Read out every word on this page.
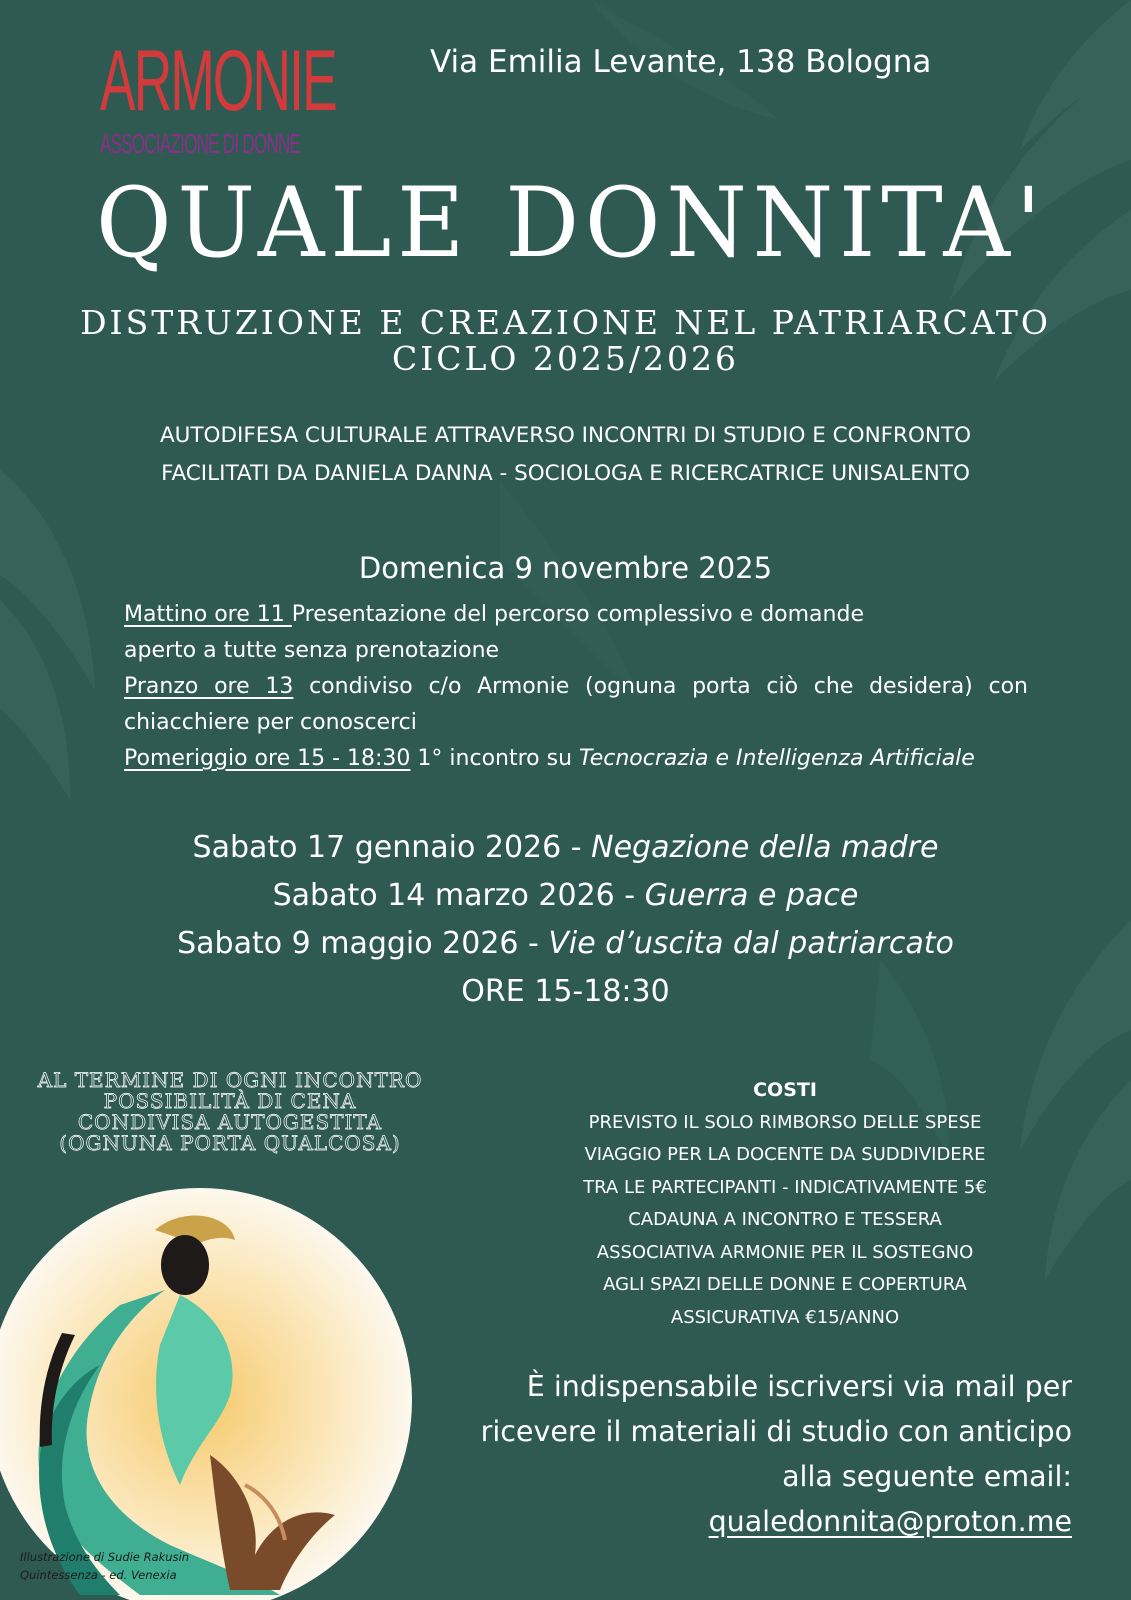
ARMONIE
ASSOCIAZIONE DI DONNE
Via Emilia Levante, 138 Bologna
QUALE DONNITA'
DISTRUZIONE E CREAZIONE NEL PATRIARCATO
CICLO 2025/2026
AUTODIFESA CULTURALE ATTRAVERSO INCONTRI DI STUDIO E CONFRONTO
FACILITATI DA DANIELA DANNA - SOCIOLOGA E RICERCATRICE UNISALENTO
Domenica 9 novembre 2025

Mattino ore 11 Presentazione del percorso complessivo e domande

aperto a tutte senza prenotazione

Pranzo ore 13 condiviso c/o Armonie (ognuna porta ciò che desidera) con

chiacchiere per conoscerci

Pomeriggio ore 15 - 18:30 1° incontro su Tecnocrazia e Intelligenza Artificiale

Sabato 17 gennaio 2026 - Negazione della madre
Sabato 14 marzo 2026 - Guerra e pace
Sabato 9 maggio 2026 - Vie d’uscita dal patriarcato
ORE 15-18:30
AL TERMINE DI OGNI INCONTRO
POSSIBILITÀ DI CENA
CONDIVISA AUTOGESTITA
(OGNUNA PORTA QUALCOSA)
COSTI
PREVISTO IL SOLO RIMBORSO DELLE SPESE
VIAGGIO PER LA DOCENTE DA SUDDIVIDERE
TRA LE PARTECIPANTI - INDICATIVAMENTE 5€
CADAUNA A INCONTRO E TESSERA
ASSOCIATIVA ARMONIE PER IL SOSTEGNO
AGLI SPAZI DELLE DONNE E COPERTURA
ASSICURATIVA €15/ANNO
È indispensabile iscriversi via mail per
ricevere il materiali di studio con anticipo
alla seguente email:
qualedonnita@proton.me
Illustrazione di Sudie Rakusin
Quintessenza - ed. Venexia
